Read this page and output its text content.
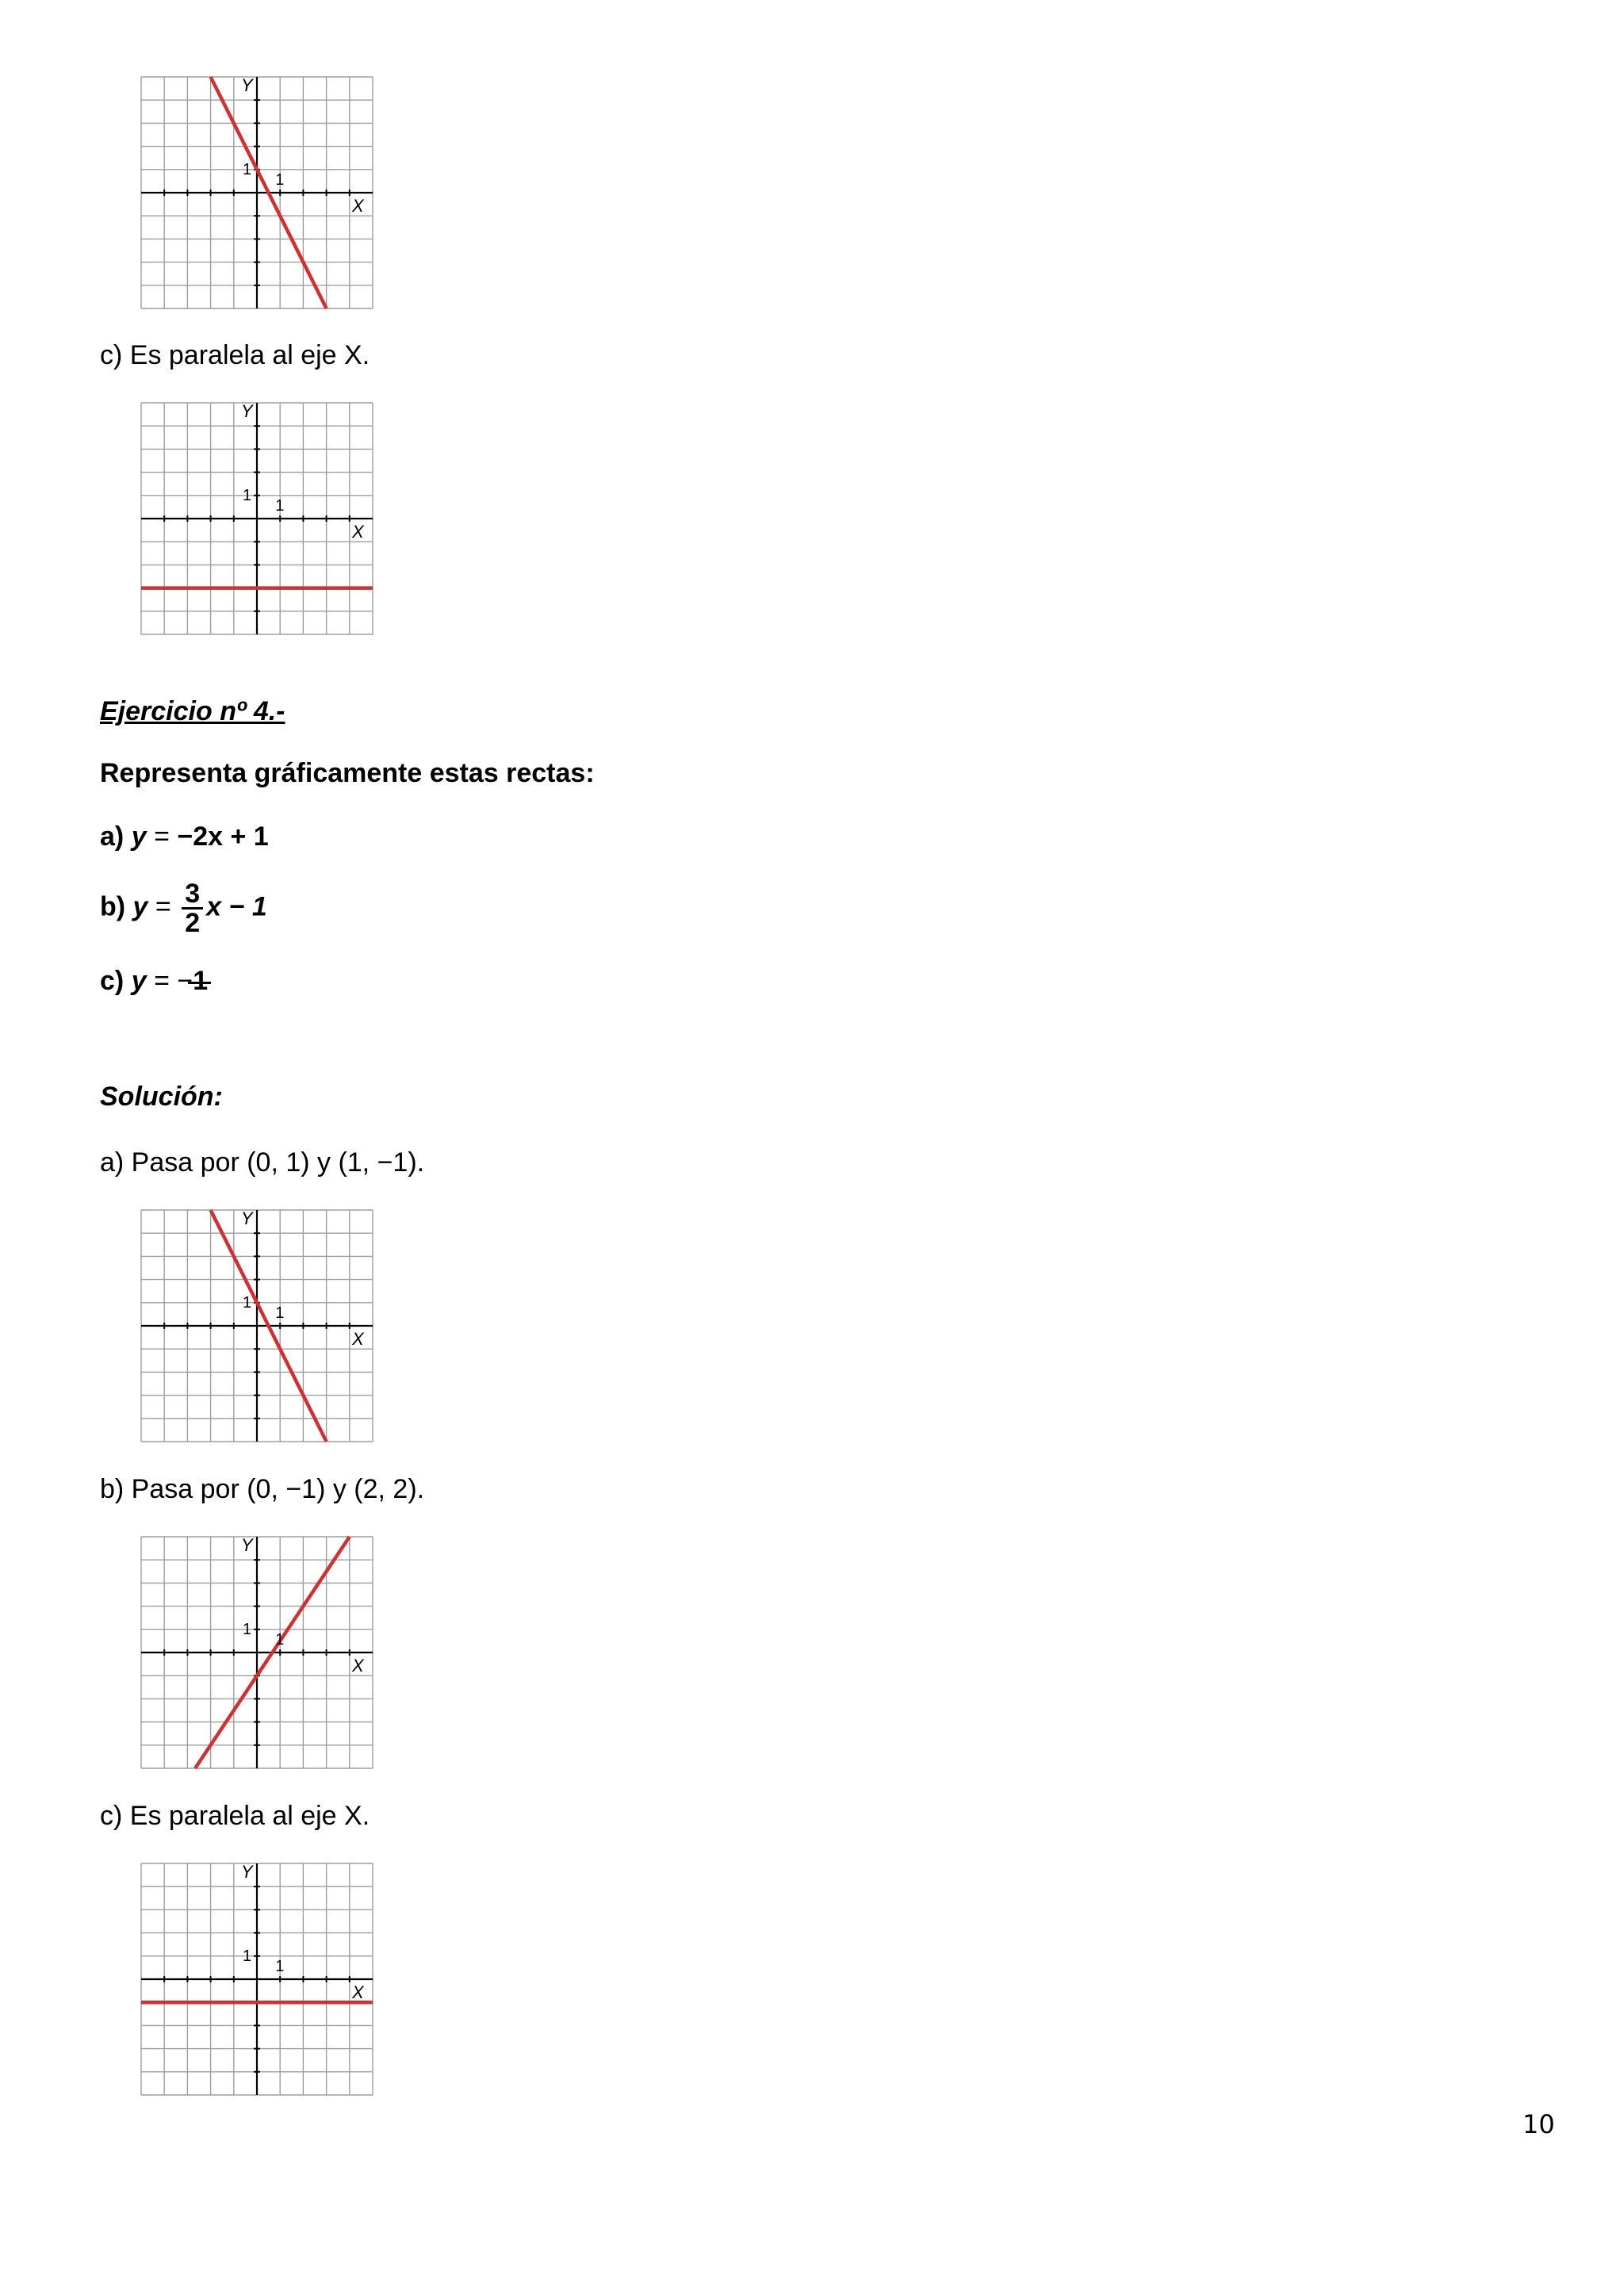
Y
X
1
1
c) Es paralela al eje X.
Y
X
1
1
Ejercicio nº 4.-
Representa gráficamente estas rectas:
a) y = −2x + 1
b) $y = \frac{3}{2}$ x − 1
c) y = −1
Solución:
a) Pasa por (0, 1) y (1, −1).
Y
X
1
1
b) Pasa por (0, −1) y (2, 2).
Y
X
1
1
c) Es paralela al eje X.
Y
X
1
1
10
